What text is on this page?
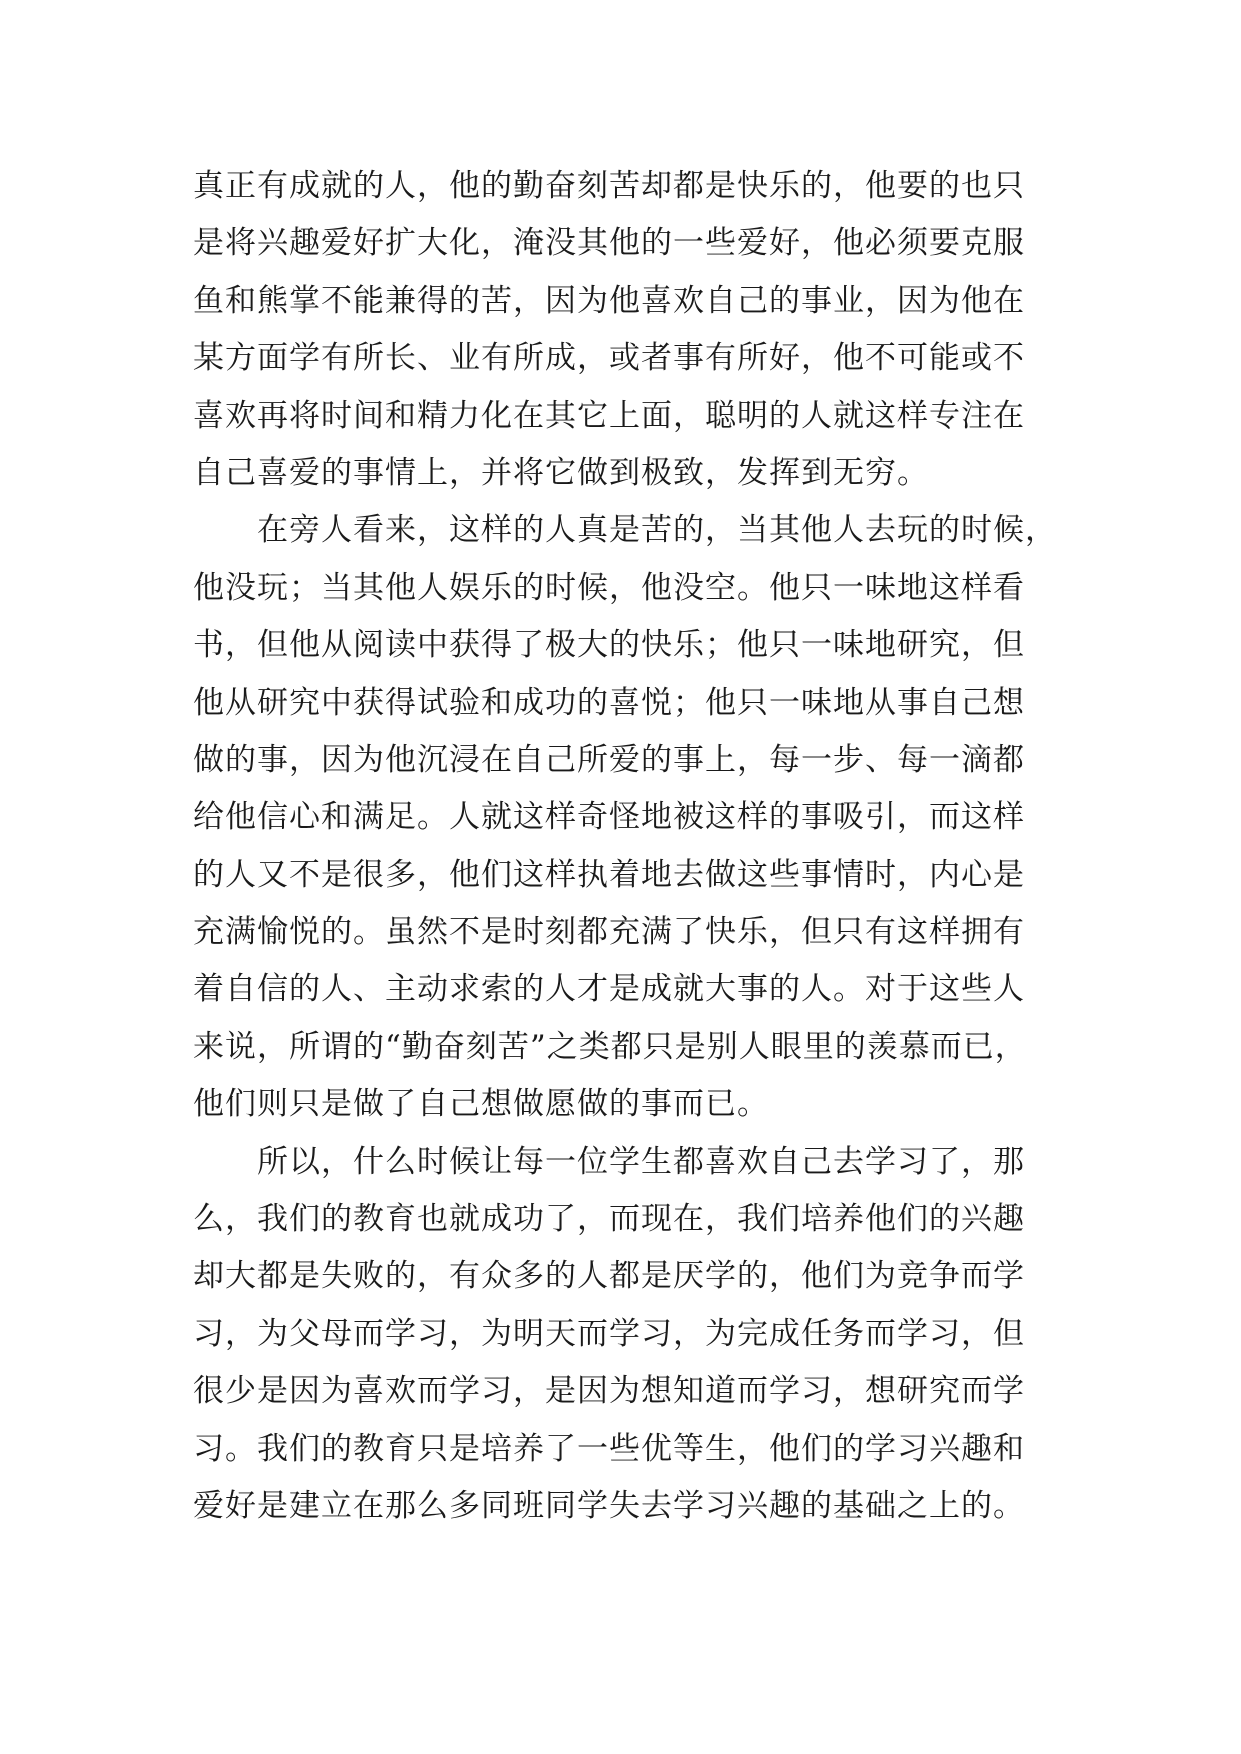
真正有成就的人，他的勤奋刻苦却都是快乐的，他要的也只
是将兴趣爱好扩大化，淹没其他的一些爱好，他必须要克服
鱼和熊掌不能兼得的苦，因为他喜欢自己的事业，因为他在
某方面学有所长、业有所成，或者事有所好，他不可能或不
喜欢再将时间和精力化在其它上面，聪明的人就这样专注在
自己喜爱的事情上，并将它做到极致，发挥到无穷。
在旁人看来，这样的人真是苦的，当其他人去玩的时候，
他没玩；当其他人娱乐的时候，他没空。他只一味地这样看
书，但他从阅读中获得了极大的快乐；他只一味地研究，但
他从研究中获得试验和成功的喜悦；他只一味地从事自己想
做的事，因为他沉浸在自己所爱的事上，每一步、每一滴都
给他信心和满足。人就这样奇怪地被这样的事吸引，而这样
的人又不是很多，他们这样执着地去做这些事情时，内心是
充满愉悦的。虽然不是时刻都充满了快乐，但只有这样拥有
着自信的人、主动求索的人才是成就大事的人。对于这些人
来说，所谓的“勤奋刻苦”之类都只是别人眼里的羡慕而已，
他们则只是做了自己想做愿做的事而已。
所以，什么时候让每一位学生都喜欢自己去学习了，那
么，我们的教育也就成功了，而现在，我们培养他们的兴趣
却大都是失败的，有众多的人都是厌学的，他们为竞争而学
习，为父母而学习，为明天而学习，为完成任务而学习，但
很少是因为喜欢而学习，是因为想知道而学习，想研究而学
习。我们的教育只是培养了一些优等生，他们的学习兴趣和
爱好是建立在那么多同班同学失去学习兴趣的基础之上的。
